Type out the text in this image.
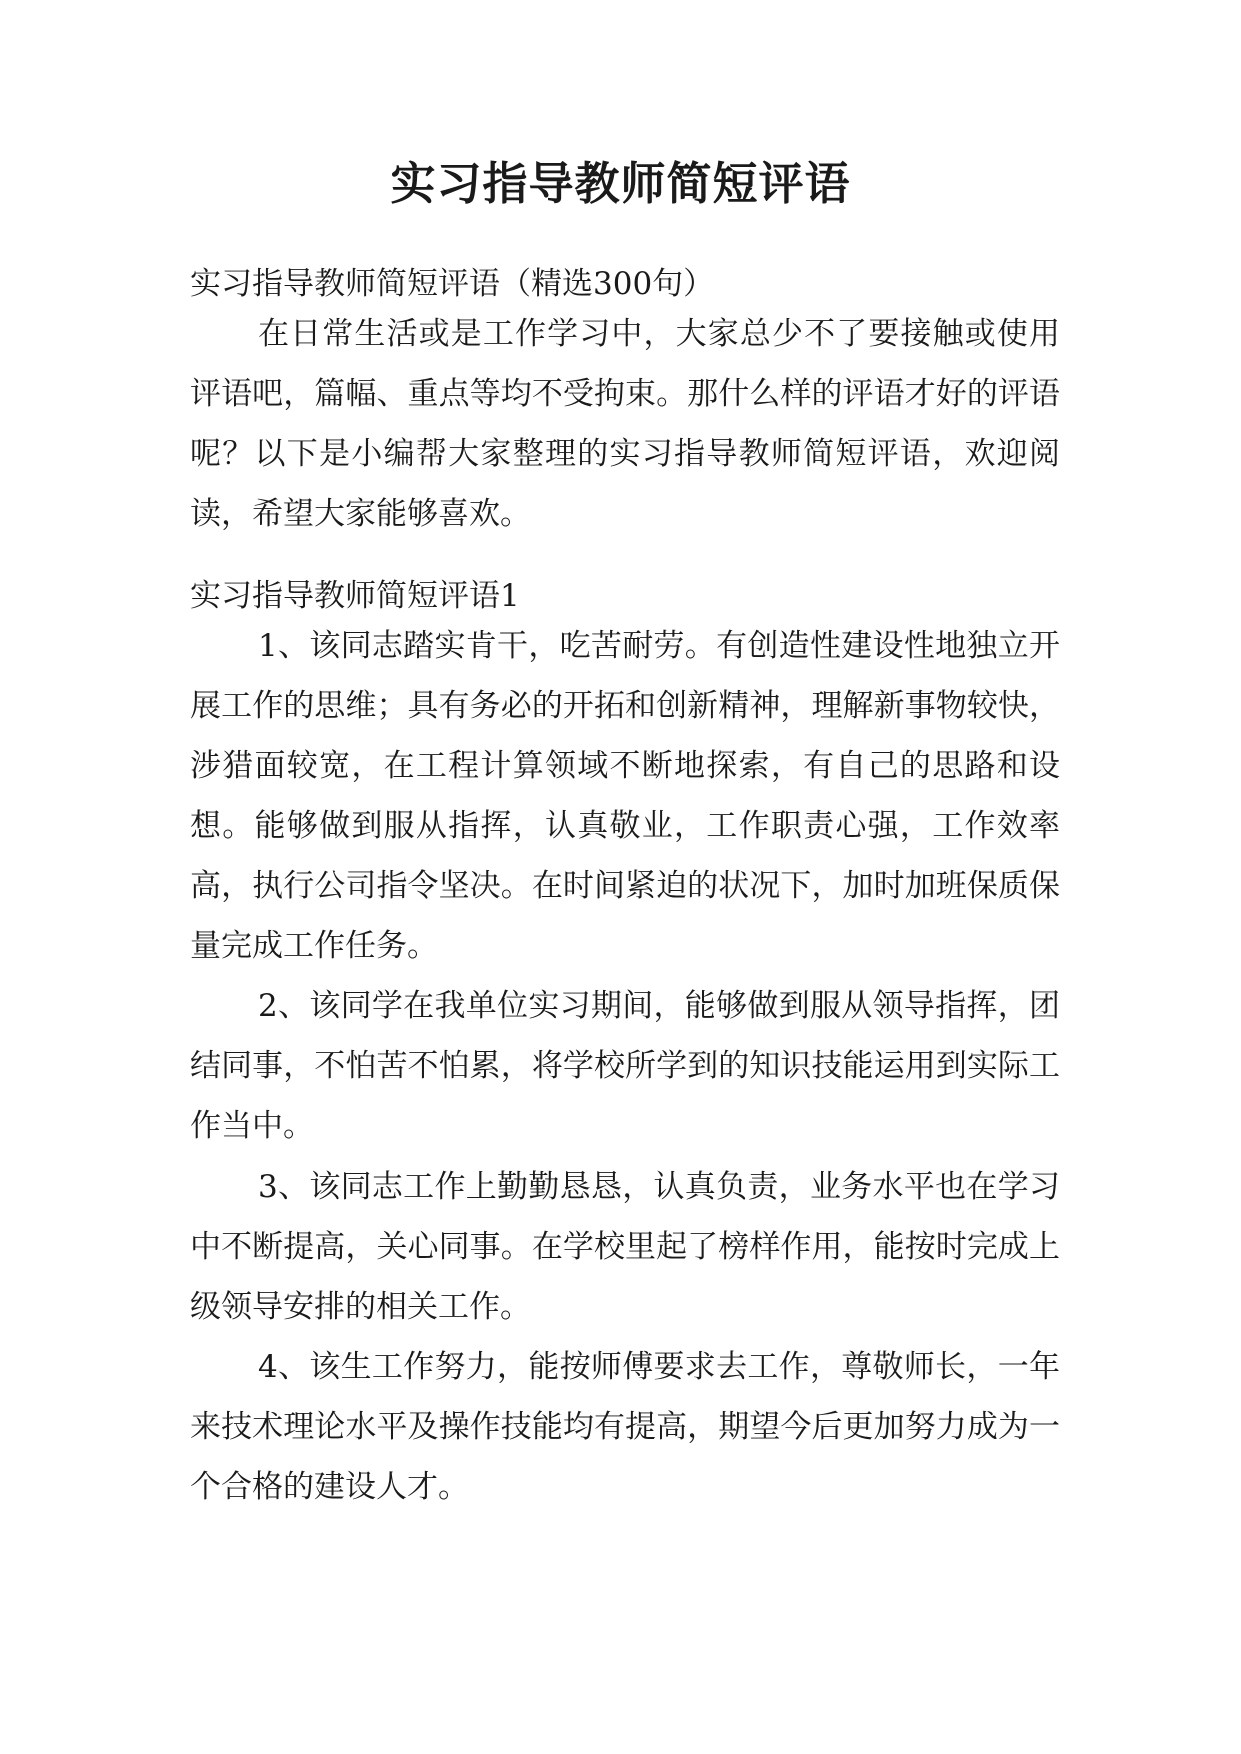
实习指导教师简短评语

实习指导教师简短评语（精选300句）

在日常生活或是工作学习中，大家总少不了要接触或使用评语吧，篇幅、重点等均不受拘束。那什么样的评语才好的评语呢？以下是小编帮大家整理的实习指导教师简短评语，欢迎阅读，希望大家能够喜欢。

实习指导教师简短评语1

1、该同志踏实肯干，吃苦耐劳。有创造性建设性地独立开展工作的思维；具有务必的开拓和创新精神，理解新事物较快，涉猎面较宽，在工程计算领域不断地探索，有自己的思路和设想。能够做到服从指挥，认真敬业，工作职责心强，工作效率高，执行公司指令坚决。在时间紧迫的状况下，加时加班保质保量完成工作任务。

2、该同学在我单位实习期间，能够做到服从领导指挥，团结同事，不怕苦不怕累，将学校所学到的知识技能运用到实际工作当中。

3、该同志工作上勤勤恳恳，认真负责，业务水平也在学习中不断提高，关心同事。在学校里起了榜样作用，能按时完成上级领导安排的相关工作。

4、该生工作努力，能按师傅要求去工作，尊敬师长，一年来技术理论水平及操作技能均有提高，期望今后更加努力成为一个合格的建设人才。
